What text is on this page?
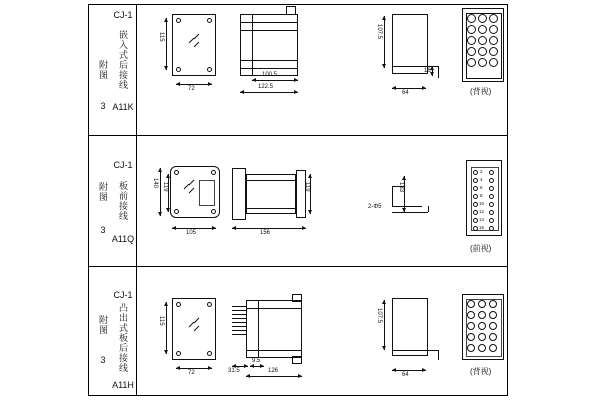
附图
3
CJ-1
嵌入式后接线
A11K
115
72
100.5
122.5
107.5
16
64	(背视)
附图
3
CJ-1
板前接线
A11Q
140 119
105
119
156
133
2-Φ5
2
4
6
8
10
12
14
16
(前视)
附图
3
CJ-1
凸出式板后接线
A11H
115
72	31.5
9.5
126
107.5
64	(背视)
